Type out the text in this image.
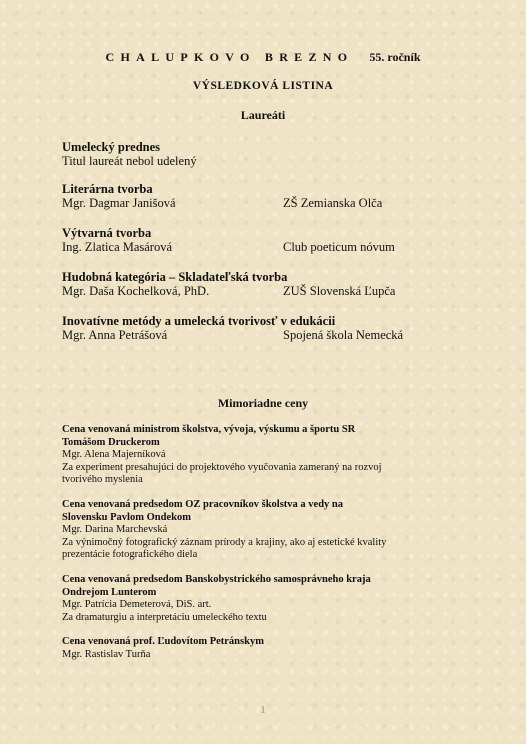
CHALUPKOVO BREZNO 55. ročník
VÝSLEDKOVÁ LISTINA
Laureáti
Umelecký prednes
Titul laureát nebol udelený
Literárna tvorba
Mgr. Dagmar Janišová	ZŠ Zemianska Olča
Výtvarná tvorba
Ing. Zlatica Masárová	Club poeticum nóvum
Hudobná kategória – Skladateľská tvorba
Mgr. Daša Kochelková, PhD.	ZUŠ Slovenská Ľupča
Inovatívne metódy a umelecká tvorivosť v edukácii
Mgr. Anna Petrášová	Spojená škola Nemecká
Mimoriadne ceny
Cena venovaná ministrom školstva, vývoja, výskumu a športu SR
Tomášom Druckerom
Mgr. Alena Majerníková
Za experiment presahujúci do projektového vyučovania zameraný na rozvoj
tvorivého myslenia
Cena venovaná predsedom OZ pracovníkov školstva a vedy na
Slovensku Pavlom Ondekom
Mgr. Darina Marchevská
Za výnimočný fotografický záznam prírody a krajiny, ako aj estetické kvality
prezentácie fotografického diela
Cena venovaná predsedom Banskobystrického samosprávneho kraja
Ondrejom Lunterom
Mgr. Patrícia Demeterová, DiS. art.
Za dramaturgiu a interpretáciu umeleckého textu
Cena venovaná prof. Ľudovítom Petránskym
Mgr. Rastislav Turňa
1
